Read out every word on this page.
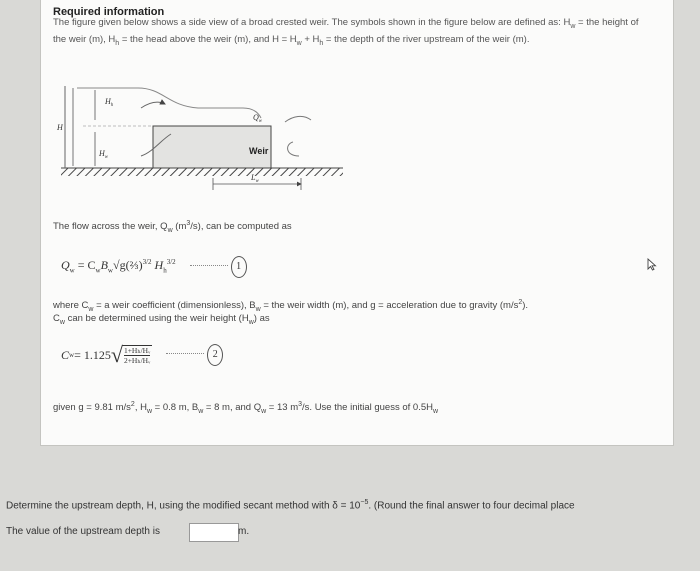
Required information
The figure given below shows a side view of a broad crested weir. The symbols shown in the figure below are defined as: $H_w$ = the height of the weir (m), $H_h$ = the head above the weir (m), and $H = H_w + H_h$ = the depth of the river upstream of the weir (m).
H
$H_h$
$H_w$
$Q_w$
Weir
$L_w$
The flow across the weir, $Q_w$ $(m^3/s)$, can be computed as
$Q_w$ = $C_wB_w√g(\frac{2}{3})^{3/2}$ $H_h^{3/2}$	1
where $C_w = a$ weir coefficient (dimensionless), $B_w$ = the weir width (m), and g = acceleration due to gravity $(m/s^2)$.
$C_w$ can be determined using the weir height $(H_w)$ as
C w = 1.125 √ $\frac{\text{1+Hₕ/Hᵥ}}{\text{2+Hₕ/Hᵥ}}$	2
given g = 9.81 $m/s^2$, $H_w = 0.8$ m, $B_w = 8$ m, and $Q_w = 13$ $m^3/s$. Use the initial guess of $0.5H_w$
Determine the upstream depth, H, using the modified secant method with $\delta = 10^{-5}$. (Round the final answer to four decimal place
The value of the upstream depth is	m.
